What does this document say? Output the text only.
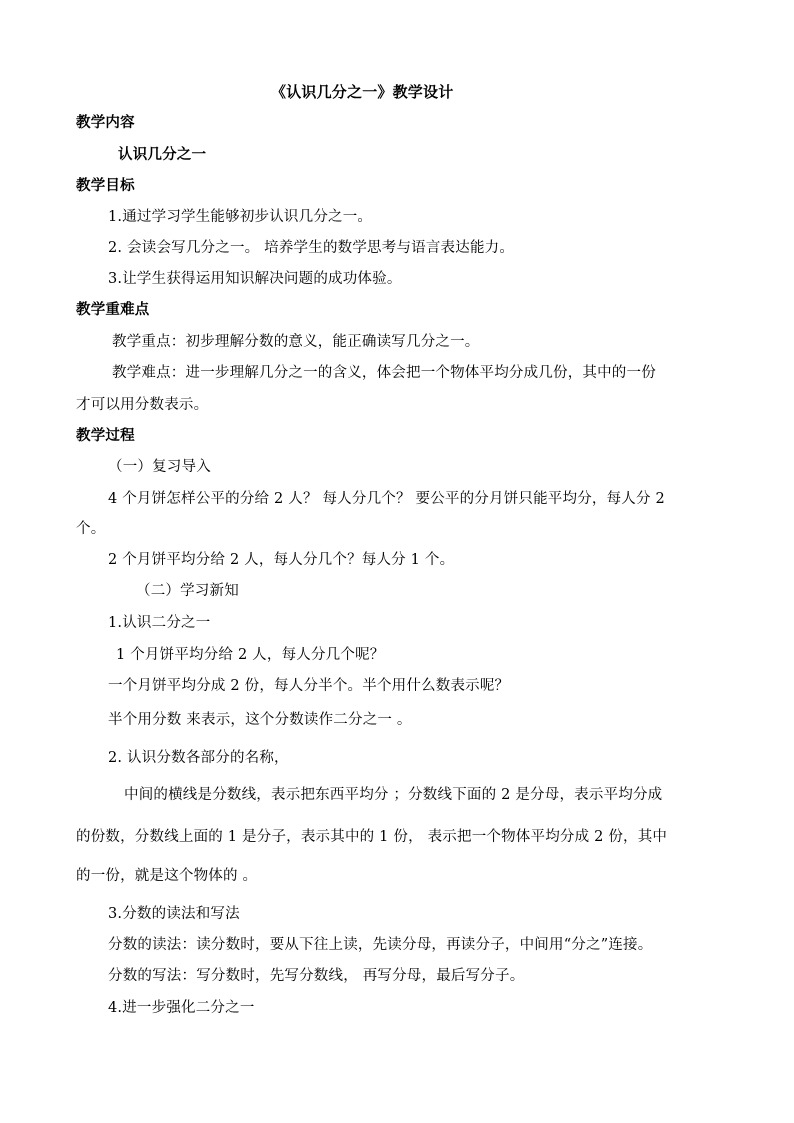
《认识几分之一》教学设计
教学内容
认识几分之一
教学目标
1.通过学习学生能够初步认识几分之一。
2. 会读会写几分之一。 培养学生的数学思考与语言表达能力。
3.让学生获得运用知识解决问题的成功体验。
教学重难点
教学重点：初步理解分数的意义，能正确读写几分之一。
教学难点：进一步理解几分之一的含义，体会把一个物体平均分成几份，其中的一份
才可以用分数表示。
教学过程
（一）复习导入
4 个月饼怎样公平的分给 2 人？ 每人分几个？ 要公平的分月饼只能平均分，每人分 2
个。
2 个月饼平均分给 2 人，每人分几个？每人分 1 个。
（二）学习新知
1.认识二分之一
1 个月饼平均分给 2 人，每人分几个呢？
一个月饼平均分成 2 份，每人分半个。半个用什么数表示呢？
半个用分数 来表示，这个分数读作二分之一 。
2. 认识分数各部分的名称，
中间的横线是分数线，表示把东西平均分 ；分数线下面的 2 是分母，表示平均分成
的份数，分数线上面的 1 是分子，表示其中的 1 份， 表示把一个物体平均分成 2 份，其中
的一份，就是这个物体的 。
3.分数的读法和写法
分数的读法：读分数时，要从下往上读，先读分母，再读分子，中间用“分之”连接。
分数的写法：写分数时，先写分数线， 再写分母，最后写分子。
4.进一步强化二分之一
